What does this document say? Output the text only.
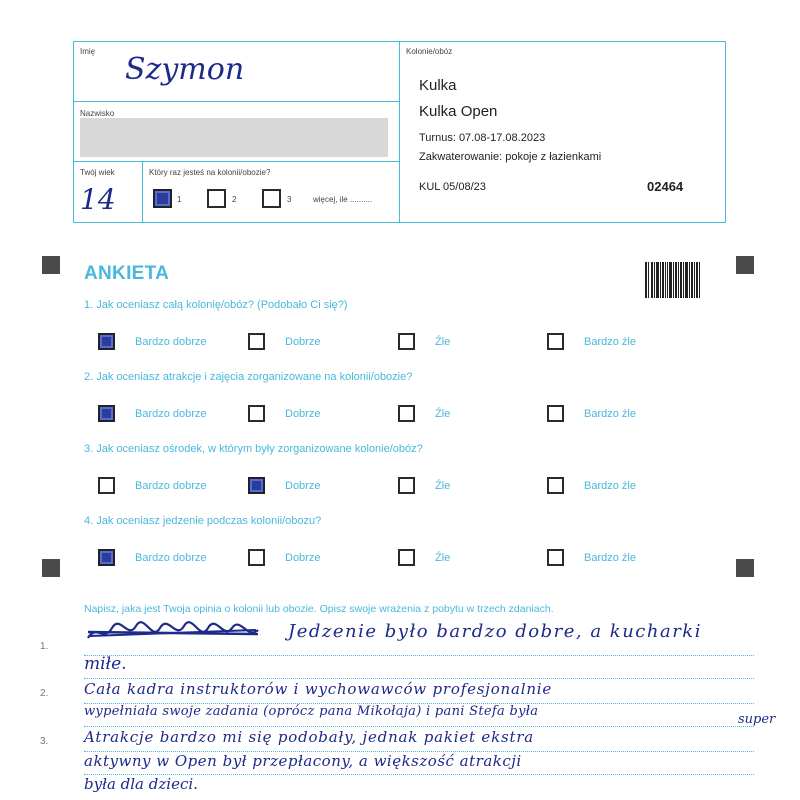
Imię
Szymon
Nazwisko
Twój wiek
14
Który raz jesteś na kolonii/obozie?
1	2	3	więcej, ile ..........
Kolonie/obóz
Kulka
Kulka Open
Turnus: 07.08-17.08.2023
Zakwaterowanie: pokoje z łazienkami
KUL 05/08/23	02464
ANKIETA
1. Jak oceniasz całą kolonię/obóz? (Podobało Ci się?)
Bardzo dobrze	Dobrze	Źle	Bardzo źle
2. Jak oceniasz atrakcje i zajęcia zorganizowane na kolonii/obozie?
Bardzo dobrze	Dobrze	Źle	Bardzo źle
3. Jak oceniasz ośrodek, w którym były zorganizowane kolonie/obóz?
Bardzo dobrze	Dobrze	Źle	Bardzo źle
4. Jak oceniasz jedzenie podczas kolonii/obozu?
Bardzo dobrze	Dobrze	Źle	Bardzo źle
Napisz, jaka jest Twoja opinia o kolonii lub obozie. Opisz swoje wrażenia z pobytu w trzech zdaniach.
1.
2.
3.
Jedzenie było bardzo dobre, a kucharki
miłe.
Cała kadra instruktorów i wychowawców profesjonalnie
wypełniała swoje zadania (oprócz pana Mikołaja) i pani Stefa była
super
Atrakcje bardzo mi się podobały, jednak pakiet ekstra
aktywny w Open był przepłacony, a większość atrakcji
była dla dzieci.
